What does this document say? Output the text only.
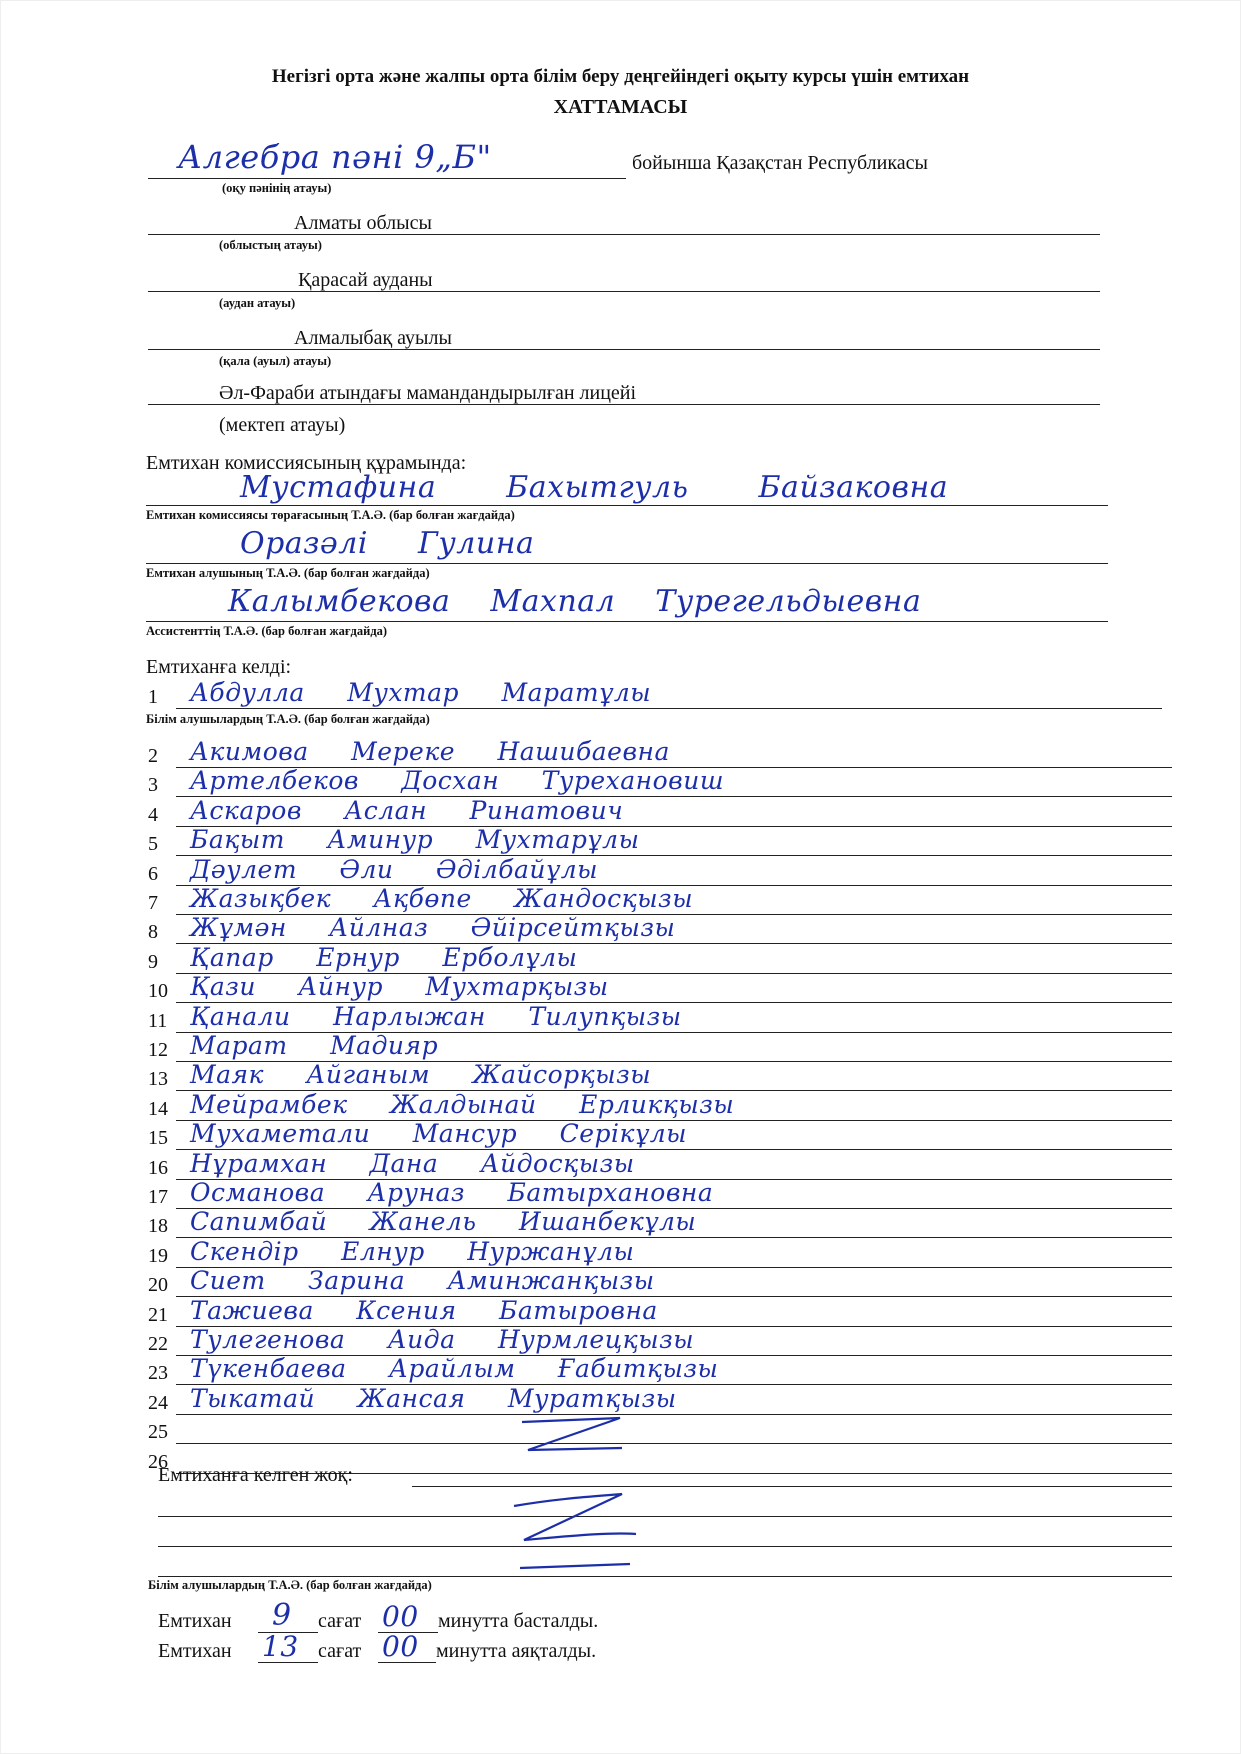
Негізгі орта және жалпы орта білім беру деңгейіндегі оқыту курсы үшін емтихан
ХАТТАМАСЫ
Алгебра пәні 9„Б"	бойынша Қазақстан Республикасы
(оқу пәнінің атауы)
Алматы облысы
(облыстың атауы)
Қарасай ауданы
(аудан атауы)
Алмалыбақ ауылы
(қала (ауыл) атауы)
Әл-Фараби атындағы мамандандырылған лицейі
(мектеп атауы)
Емтихан комиссиясының құрамында:
Мустафина Бахытгуль Байзаковна
Емтихан комиссиясы төрағасының Т.А.Ә. (бар болған жағдайда)
Оразәлі Гулина
Емтихан алушының Т.А.Ә. (бар болған жағдайда)
Калымбекова Махпал Турегельдыевна
Ассистенттің Т.А.Ә. (бар болған жағдайда)
Емтиханға келді:
1 Абдулла Мухтар Маратұлы
2 Акимова Мереке Нашибаевна
3 Артелбеков Досхан Турехановиш
4 Аскаров Аслан Ринатович
5 Бақыт Аминур Мухтарұлы
6 Дәулет Әли Әділбайұлы
7 Жазықбек Ақбөпе Жандосқызы
8 Жұмән Айлназ Әйірсейтқызы
9 Қапар Ернур Ерболұлы
10 Қази Айнур Мухтарқызы
11 Қанали Нарлыжан Тилупқызы
12 Марат Мадияр
13 Маяк Айганым Жайсорқызы
14 Мейрамбек Жалдынай Ерликқызы
15 Мухаметали Мансур Серікұлы
16 Нұрамхан Дана Айдосқызы
17 Османова Аруназ Батырхановна
18 Сапимбай Жанель Ишанбекұлы
19 Скендір Елнур Нуржанұлы
20 Сиет Зарина Аминжанқызы
21 Тажиева Ксения Батыровна
22 Тулегенова Аида Нурмлецқызы
23 Түкенбаева Арайлым Ғабитқызы
24 Тыкатай Жансая Муратқызы
25
26
Білім алушылардың Т.А.Ә. (бар болған жағдайда)
Емтиханға келген жоқ:
Білім алушылардың Т.А.Ә. (бар болған жағдайда)
Емтихан 9 сағат 00 минутта басталды.
Емтихан 13 сағат 00 минутта аяқталды.
